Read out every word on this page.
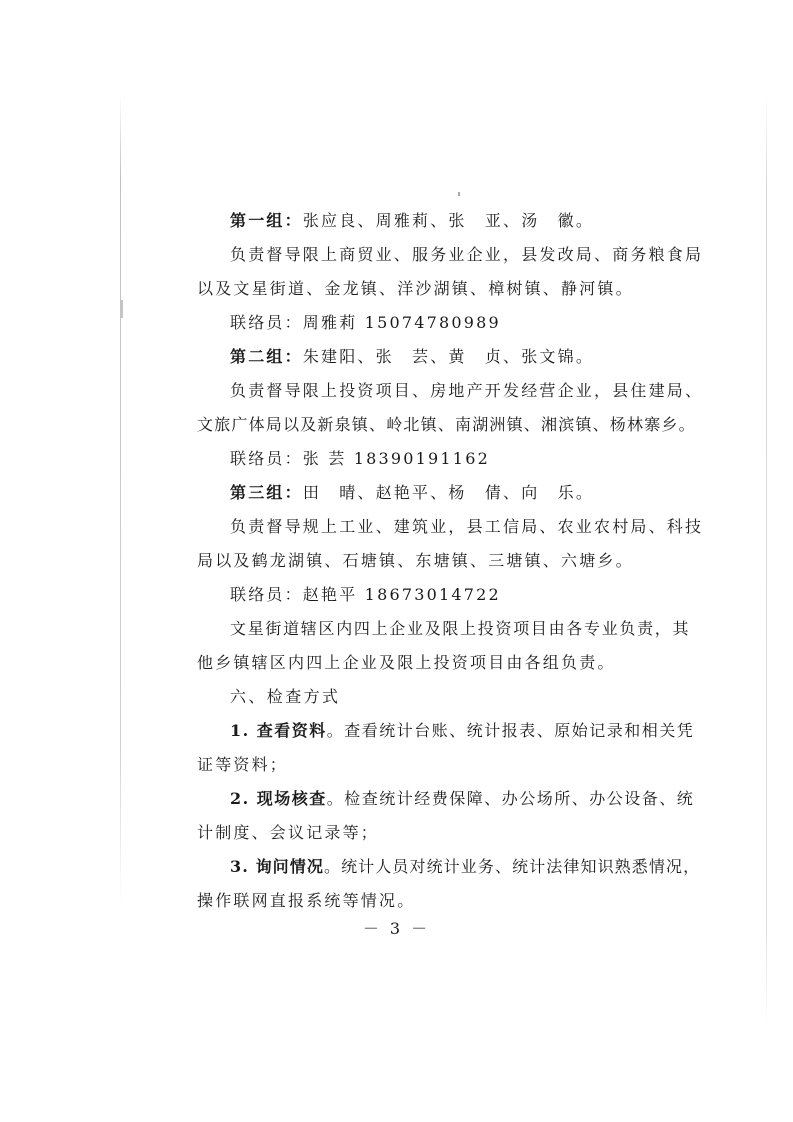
第一组：张应良、周雅莉、张　亚、汤　徽。
负责督导限上商贸业、服务业企业，县发改局、商务粮食局
以及文星街道、金龙镇、洋沙湖镇、樟树镇、静河镇。
联络员：周雅莉 15074780989
第二组：朱建阳、张　芸、黄　贞、张文锦。
负责督导限上投资项目、房地产开发经营企业，县住建局、
文旅广体局以及新泉镇、岭北镇、南湖洲镇、湘滨镇、杨林寨乡。
联络员：张 芸 18390191162
第三组：田　晴、赵艳平、杨　倩、向　乐。
负责督导规上工业、建筑业，县工信局、农业农村局、科技
局以及鹤龙湖镇、石塘镇、东塘镇、三塘镇、六塘乡。
联络员：赵艳平 18673014722
文星街道辖区内四上企业及限上投资项目由各专业负责，其
他乡镇辖区内四上企业及限上投资项目由各组负责。
六、检查方式
1. 查看资料。查看统计台账、统计报表、原始记录和相关凭
证等资料；
2. 现场核查。检查统计经费保障、办公场所、办公设备、统
计制度、会议记录等；
3. 询问情况。统计人员对统计业务、统计法律知识熟悉情况，
操作联网直报系统等情况。
－ 3 －
